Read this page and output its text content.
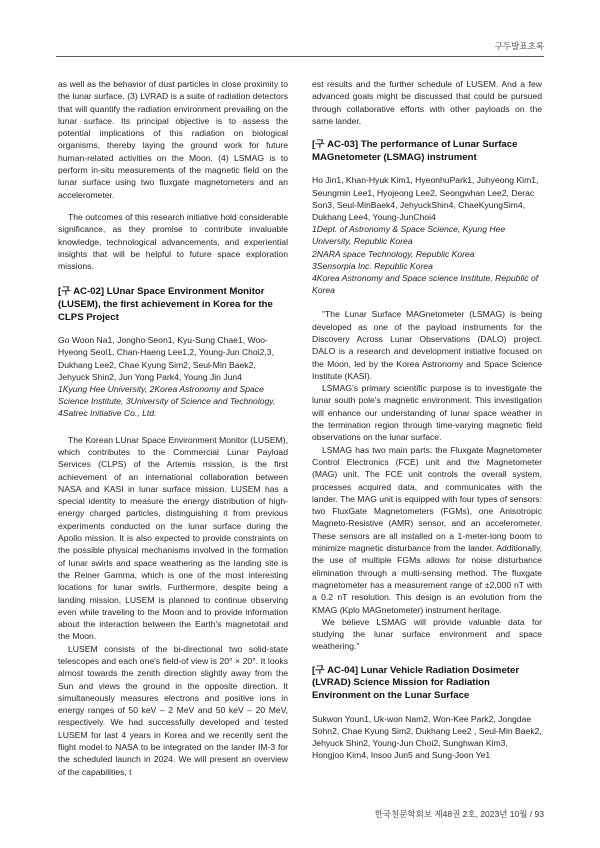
구두발표초록

as well as the behavior of dust particles in close proximity to the lunar surface. (3) LVRAD is a suite of radiation detectors that will quantify the radiation environment prevailing on the lunar surface. Its principal objective is to assess the potential implications of this radiation on biological organisms, thereby laying the ground work for future human-related activities on the Moon. (4) LSMAG is to perform in-situ measurements of the magnetic field on the lunar surface using two fluxgate magnetometers and an accelerometer.

The outcomes of this research initiative hold considerable significance, as they promise to contribute invaluable knowledge, technological advancements, and experiential insights that will be helpful to future space exploration missions.

[구 AC-02] LUnar Space Environment Monitor (LUSEM), the first achievement in Korea for the CLPS Project

Go Woon Na1, Jongho Seon1, Kyu-Sung Chae1, Woo-Hyeong Seol1, Chan-Haeng Lee1,2, Young-Jun Choi2,3, Dukhang Lee2, Chae Kyung Sim2, Seul-Min Baek2, Jehyuck Shin2, Jun Yong Park4, Young Jin Jun4

1Kyung Hee University, 2Korea Astronomy and Space Science Institute, 3University of Science and Technology, 4Satrec Initiative Co., Ltd.

The Korean LUnar Space Environment Monitor (LUSEM), which contributes to the Commercial Lunar Payload Services (CLPS) of the Artemis mission, is the first achievement of an international collaboration between NASA and KASI in lunar surface mission. LUSEM has a special identity to measure the energy distribution of high-energy charged particles, distinguishing it from previous experiments conducted on the lunar surface during the Apollo mission. It is also expected to provide constraints on the possible physical mechanisms involved in the formation of lunar swirls and space weathering as the landing site is the Reiner Gamma, which is one of the most interesting locations for lunar swirls. Furthermore, despite being a landing mission, LUSEM is planned to continue observing even while traveling to the Moon and to provide information about the interaction between the Earth's magnetotail and the Moon.

LUSEM consists of the bi-directional two solid-state telescopes and each one's field-of view is 20° × 20°. It looks almost towards the zenith direction slightly away from the Sun and views the ground in the opposite direction. It simultaneously measures electrons and positive ions in energy ranges of 50 keV – 2 MeV and 50 keV – 20 MeV, respectively. We had successfully developed and tested LUSEM for last 4 years in Korea and we recently sent the flight model to NASA to be integrated on the lander IM-3 for the scheduled launch in 2024. We will present an overview of the capabilities, t

est results and the further schedule of LUSEM. And a few advanced goals might be discussed that could be pursued through collaborative efforts with other payloads on the same lander.

[구 AC-03] The performance of Lunar Surface MAGnetometer (LSMAG) instrument

Ho Jin1, Khan-Hyuk Kim1, HyeonhuPark1, Juhyeong Kim1, Seungmin Lee1, Hyojeong Lee2, Seongwhan Lee2, Derac Son3, Seul-MinBaek4, JehyuckShin4, ChaeKyungSim4, Dukhang Lee4, Young-JunChoi4

1Dept. of Astronomy & Space Science, Kyung Hee University, Republic Korea

2NARA space Technology, Republic Korea

3Sensorpia Inc. Republic Korea

4Korea Astronomy and Space science Institute, Republic of Korea

"The Lunar Surface MAGnetometer (LSMAG) is being developed as one of the payload instruments for the Discovery Across Lunar Observations (DALO) project. DALO is a research and development initiative focused on the Moon, led by the Korea Astronomy and Space Science Institute (KASI).

LSMAG's primary scientific purpose is to investigate the lunar south pole's magnetic environment. This investigation will enhance our understanding of lunar space weather in the termination region through time-varying magnetic field observations on the lunar surface.

LSMAG has two main parts: the Fluxgate Magnetometer Control Electronics (FCE) unit and the Magnetometer (MAG) unit. The FCE unit controls the overall system, processes acquired data, and communicates with the lander. The MAG unit is equipped with four types of sensors: two FluxGate Magnetometers (FGMs), one Anisotropic Magneto-Resistive (AMR) sensor, and an accelerometer. These sensors are all installed on a 1-meter-long boom to minimize magnetic disturbance from the lander. Additionally, the use of multiple FGMs allows for noise disturbance elimination through a multi-sensing method. The fluxgate magnetometer has a measurement range of ±2,000 nT with a 0.2 nT resolution. This design is an evolution from the KMAG (Kplo MAGnetometer) instrument heritage.

We believe LSMAG will provide valuable data for studying the lunar surface environment and space weathering."

[구 AC-04] Lunar Vehicle Radiation Dosimeter (LVRAD) Science Mission for Radiation Environment on the Lunar Surface

Sukwon Youn1, Uk-won Nam2, Won-Kee Park2, Jongdae Sohn2, Chae Kyung Sim2, Dukhang Lee2 , Seul-Min Baek2, Jehyuck Shin2, Young-Jun Choi2, Sunghwan Kim3, Hongjoo Kim4, Insoo Jun5 and Sung-Joon Ye1

한국천문학회보 제48권 2호, 2023년 10월 / 93
